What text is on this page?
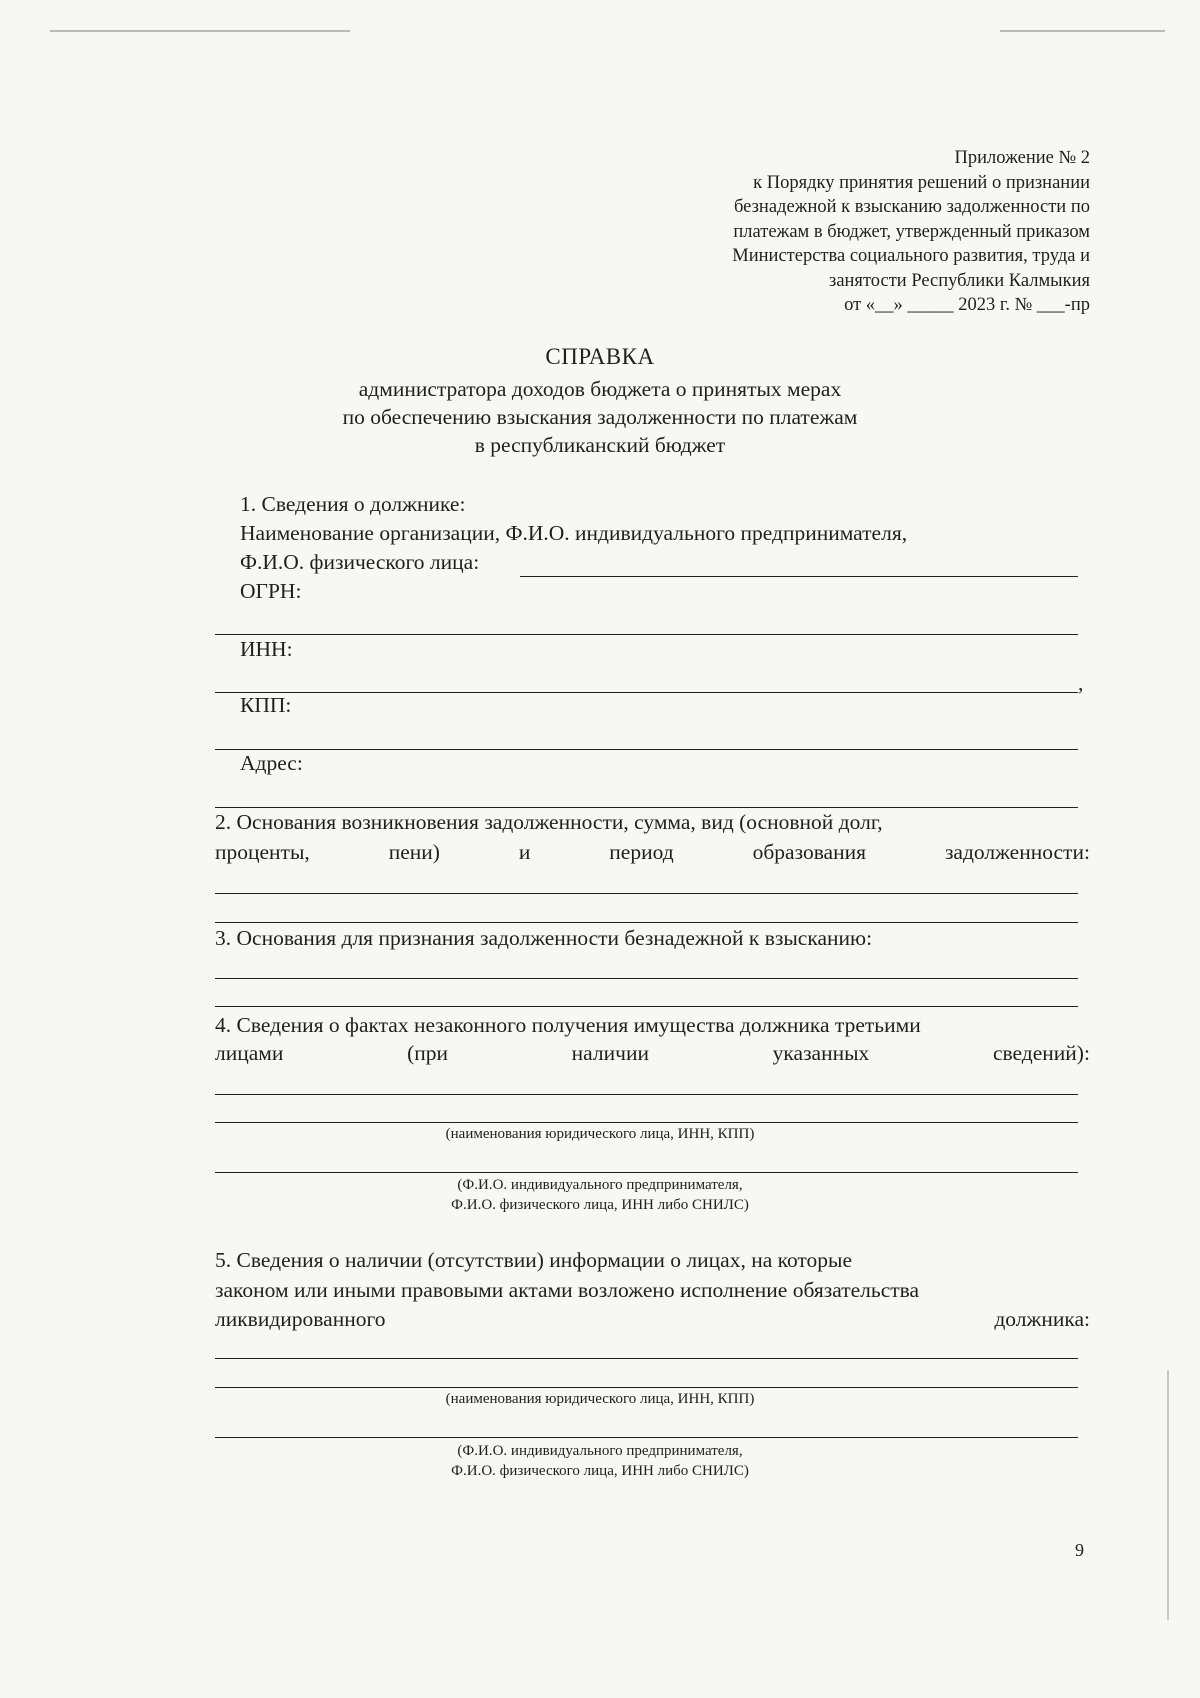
Приложение № 2
к Порядку принятия решений о признании
безнадежной к взысканию задолженности по
платежам в бюджет, утвержденный приказом
Министерства социального развития, труда и
занятости Республики Калмыкия
от «__» _____ 2023 г. № ___-пр
СПРАВКА
администратора доходов бюджета о принятых мерах
по обеспечению взыскания задолженности по платежам
в республиканский бюджет
1. Сведения о должнике:
Наименование организации, Ф.И.О. индивидуального предпринимателя,
Ф.И.О. физического лица:
ОГРН:
ИНН:
,
КПП:
Адрес:
2. Основания возникновения задолженности, сумма, вид (основной долг,
проценты,	пени)	и	период	образования	задолженности:
3. Основания для признания задолженности безнадежной к взысканию:
4. Сведения о фактах незаконного получения имущества должника третьими
лицами	(при	наличии	указанных	сведений):
(наименования юридического лица, ИНН, КПП)
(Ф.И.О. индивидуального предпринимателя,
Ф.И.О. физического лица, ИНН либо СНИЛС)
5. Сведения о наличии (отсутствии) информации о лицах, на которые
законом или иными правовыми актами возложено исполнение обязательства
ликвидированного	должника:
(наименования юридического лица, ИНН, КПП)
(Ф.И.О. индивидуального предпринимателя,
Ф.И.О. физического лица, ИНН либо СНИЛС)
9
